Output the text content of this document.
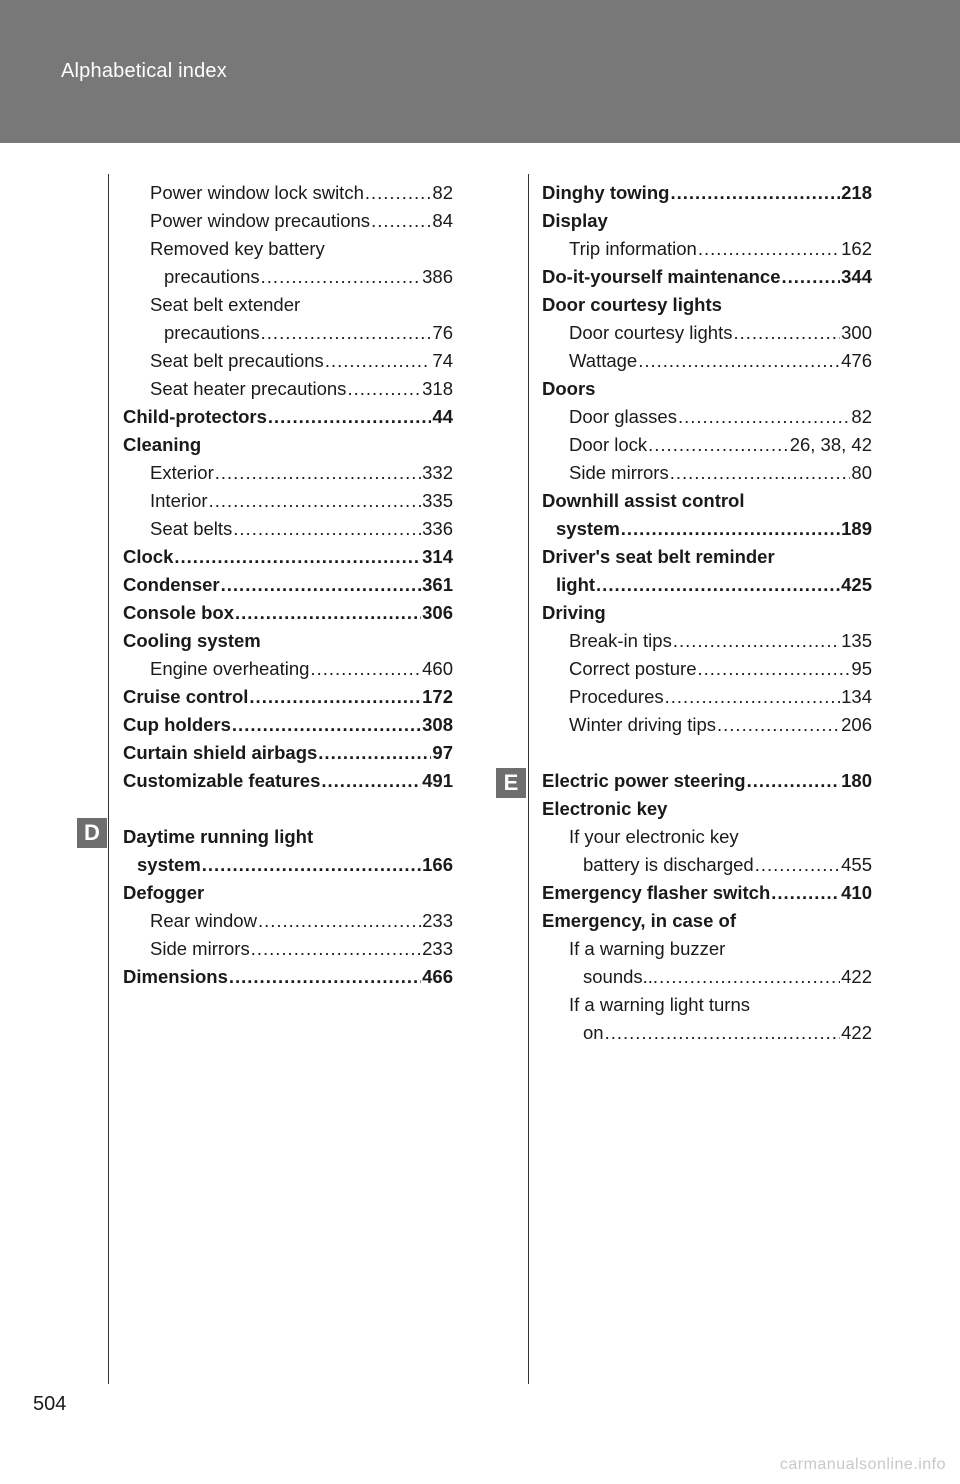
Alphabetical index
Power window lock switch .....	82
Power window precautions .....	84
Removed key battery
precautions .....	386
Seat belt extender
precautions .....	76
Seat belt precautions .....	74
Seat heater precautions .....	318
Child-protectors .....	44
Cleaning
Exterior .....	332
Interior .....	335
Seat belts .....	336
Clock .....	314
Condenser .....	361
Console box .....	306
Cooling system
Engine overheating .....	460
Cruise control .....	172
Cup holders .....	308
Curtain shield airbags .....	97
Customizable features .....	491
Daytime running light
system .....	166
Defogger
Rear window .....	233
Side mirrors .....	233
Dimensions .....	466
Dinghy towing .....	218
Display
Trip information .....	162
Do-it-yourself maintenance .....	344
Door courtesy lights
Door courtesy lights .....	300
Wattage .....	476
Doors
Door glasses .....	82
Door lock .....	26, 38, 42
Side mirrors .....	80
Downhill assist control
system .....	189
Driver's seat belt reminder
light .....	425
Driving
Break-in tips .....	135
Correct posture .....	95
Procedures .....	134
Winter driving tips .....	206
Electric power steering .....	180
Electronic key
If your electronic key
battery is discharged .....	455
Emergency flasher switch .....	410
Emergency, in case of
If a warning buzzer
sounds... .....	422
If a warning light turns
on .....	422
D
E
504
carmanualsonline.info
